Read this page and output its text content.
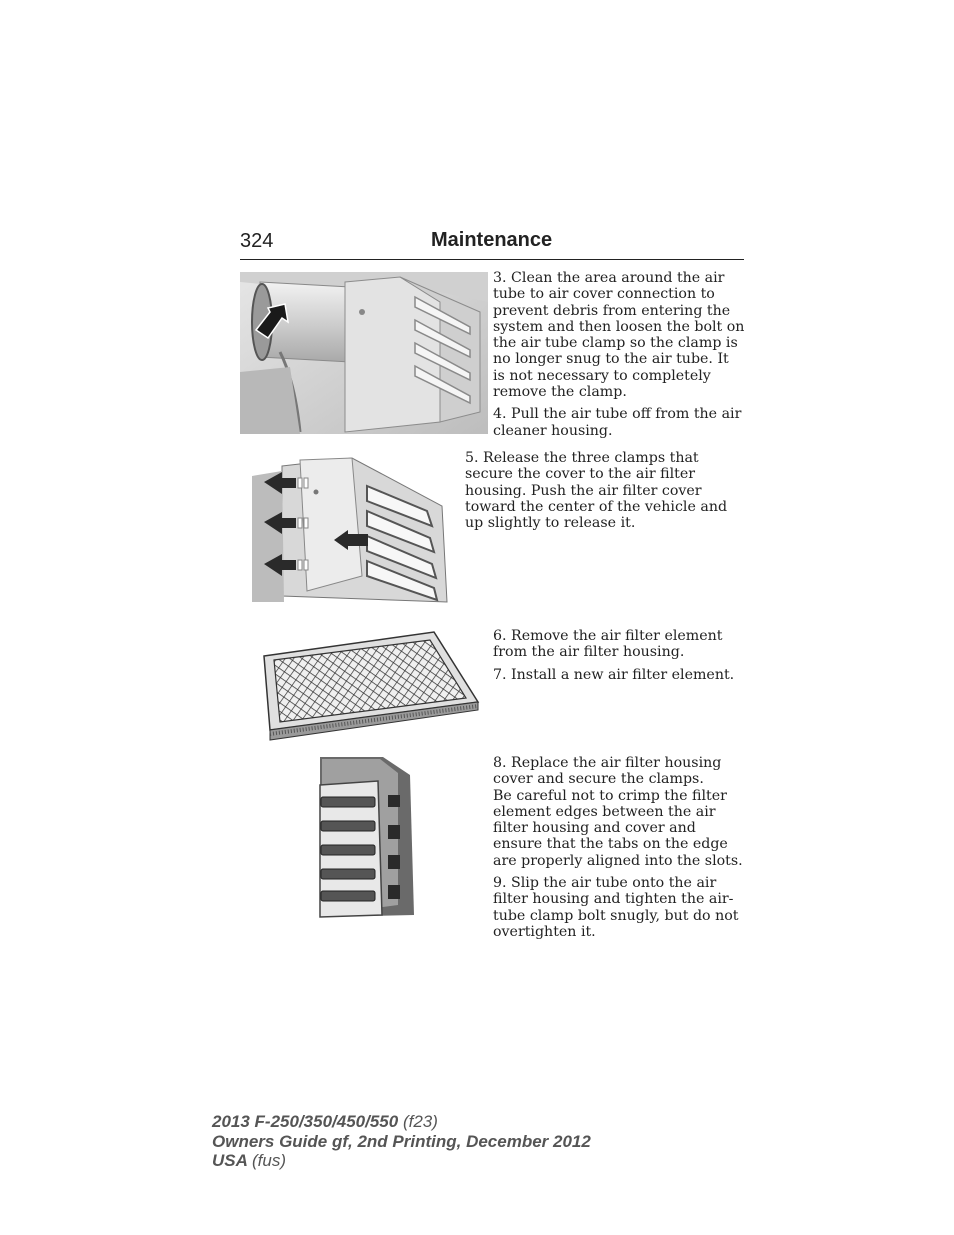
324	Maintenance

3. Clean the area around the air tube to air cover connection to prevent debris from entering the system and then loosen the bolt on the air tube clamp so the clamp is no longer snug to the air tube. It is not necessary to completely remove the clamp.

4. Pull the air tube off from the air cleaner housing.

5. Release the three clamps that secure the cover to the air filter housing. Push the air filter cover toward the center of the vehicle and up slightly to release it.

6. Remove the air filter element from the air filter housing.

7. Install a new air filter element.

8. Replace the air filter housing cover and secure the clamps.
Be careful not to crimp the filter element edges between the air filter housing and cover and ensure that the tabs on the edge are properly aligned into the slots.

9. Slip the air tube onto the air filter housing and tighten the air-tube clamp bolt snugly, but do not overtighten it.

2013 F-250/350/450/550 (f23)
Owners Guide gf, 2nd Printing, December 2012
USA (fus)
